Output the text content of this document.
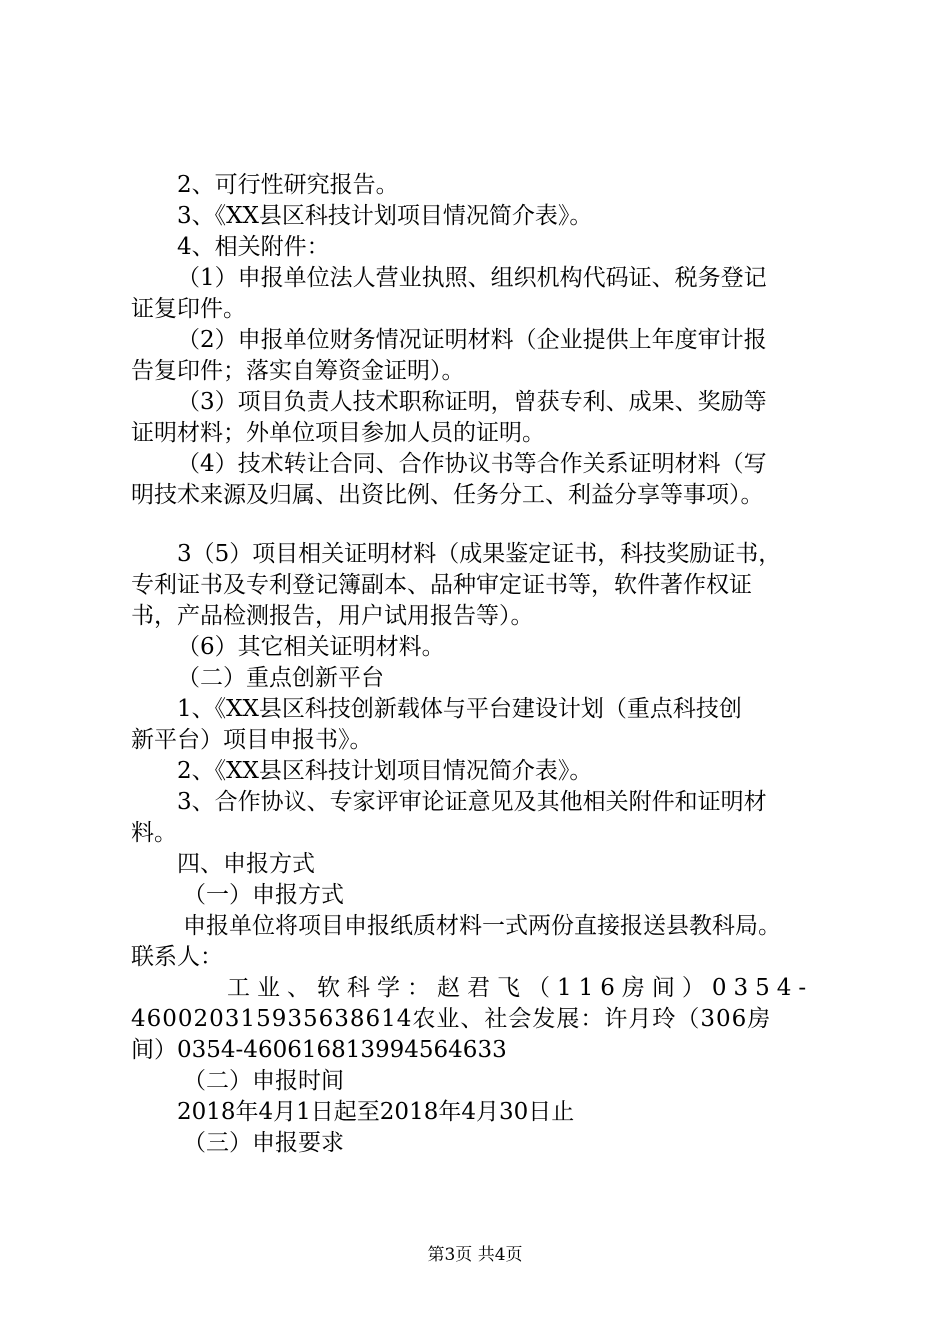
2、可行性研究报告。
3、《XX县区科技计划项目情况简介表》。
4、相关附件：
（1）申报单位法人营业执照、组织机构代码证、税务登记
证复印件。
（2）申报单位财务情况证明材料（企业提供上年度审计报
告复印件；落实自筹资金证明）。
（3）项目负责人技术职称证明，曾获专利、成果、奖励等
证明材料；外单位项目参加人员的证明。
（4）技术转让合同、合作协议书等合作关系证明材料（写
明技术来源及归属、出资比例、任务分工、利益分享等事项）。
3（5）项目相关证明材料（成果鉴定证书，科技奖励证书，
专利证书及专利登记簿副本、品种审定证书等，软件著作权证
书，产品检测报告，用户试用报告等）。
（6）其它相关证明材料。
（二）重点创新平台
1、《XX县区科技创新载体与平台建设计划（重点科技创
新平台）项目申报书》。
2、《XX县区科技计划项目情况简介表》。
3、合作协议、专家评审论证意见及其他相关附件和证明材
料。
四、申报方式
（一）申报方式
申报单位将项目申报纸质材料一式两份直接报送县教科局。
联系人：
工业、软科学：赵君飞（116房间）0354-
460020315935638614农业、社会发展：许月玲（306房
间）0354-460616813994564633
（二）申报时间
2018年4月1日起至2018年4月30日止
（三）申报要求
第3页 共4页
